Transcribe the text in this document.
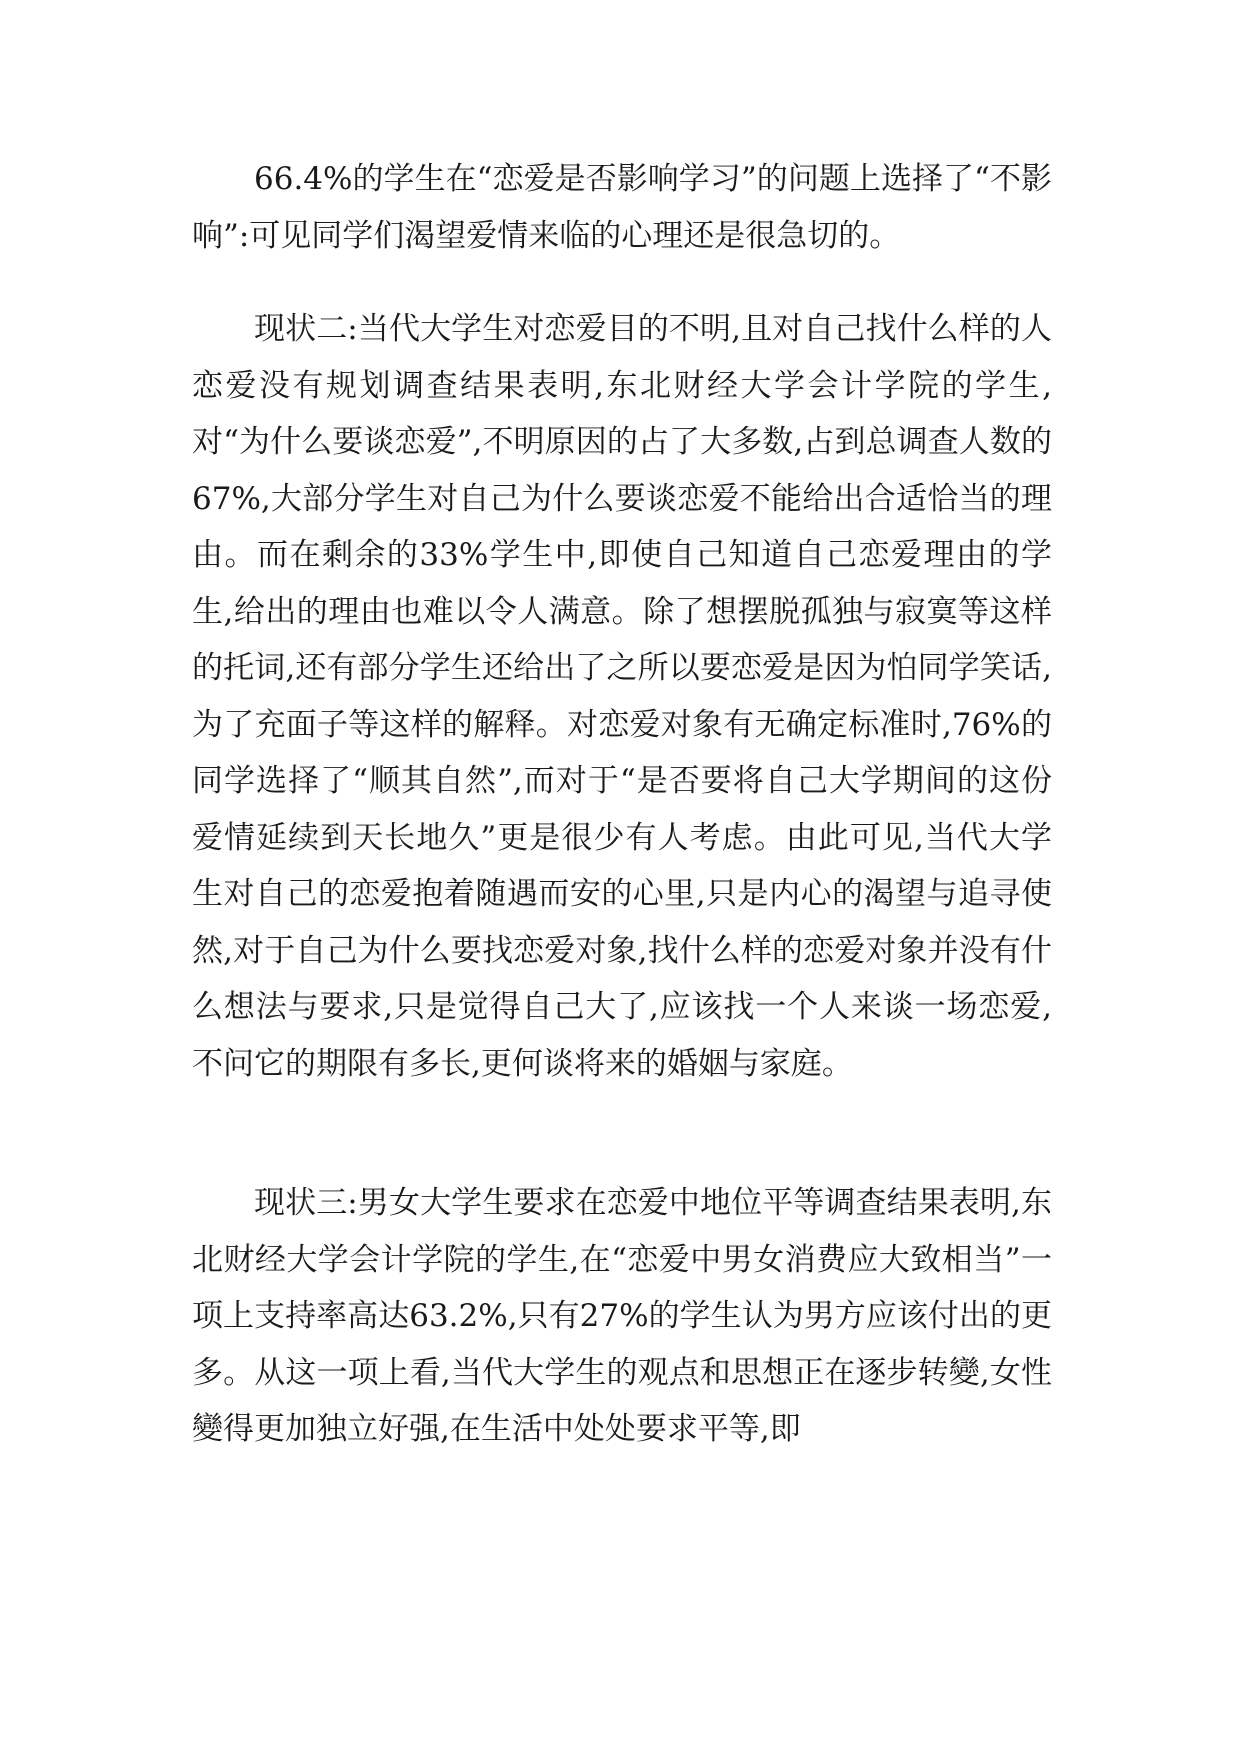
66.4%的学生在“恋爱是否影响学习”的问题上选择了“不影响”:可见同学们渴望爱情来临的心理还是很急切的。

现状二:当代大学生对恋爱目的不明,且对自己找什么样的人恋爱没有规划调查结果表明,东北财经大学会计学院的学生,对“为什么要谈恋爱”,不明原因的占了大多数,占到总调查人数的67%,大部分学生对自己为什么要谈恋爱不能给出合适恰当的理由。而在剩余的33%学生中,即使自己知道自己恋爱理由的学生,给出的理由也难以令人满意。除了想摆脱孤独与寂寞等这样的托词,还有部分学生还给出了之所以要恋爱是因为怕同学笑话,为了充面子等这样的解释。对恋爱对象有无确定标准时,76%的同学选择了“顺其自然”,而对于“是否要将自己大学期间的这份爱情延续到天长地久”更是很少有人考虑。由此可见,当代大学生对自己的恋爱抱着随遇而安的心里,只是内心的渴望与追寻使然,对于自己为什么要找恋爱对象,找什么样的恋爱对象并没有什么想法与要求,只是觉得自己大了,应该找一个人来谈一场恋爱,不问它的期限有多长,更何谈将来的婚姻与家庭。

现状三:男女大学生要求在恋爱中地位平等调查结果表明,东北财经大学会计学院的学生,在“恋爱中男女消费应大致相当”一项上支持率高达63.2%,只有27%的学生认为男方应该付出的更多。从这一项上看,当代大学生的观点和思想正在逐步转變,女性變得更加独立好强,在生活中处处要求平等,即
